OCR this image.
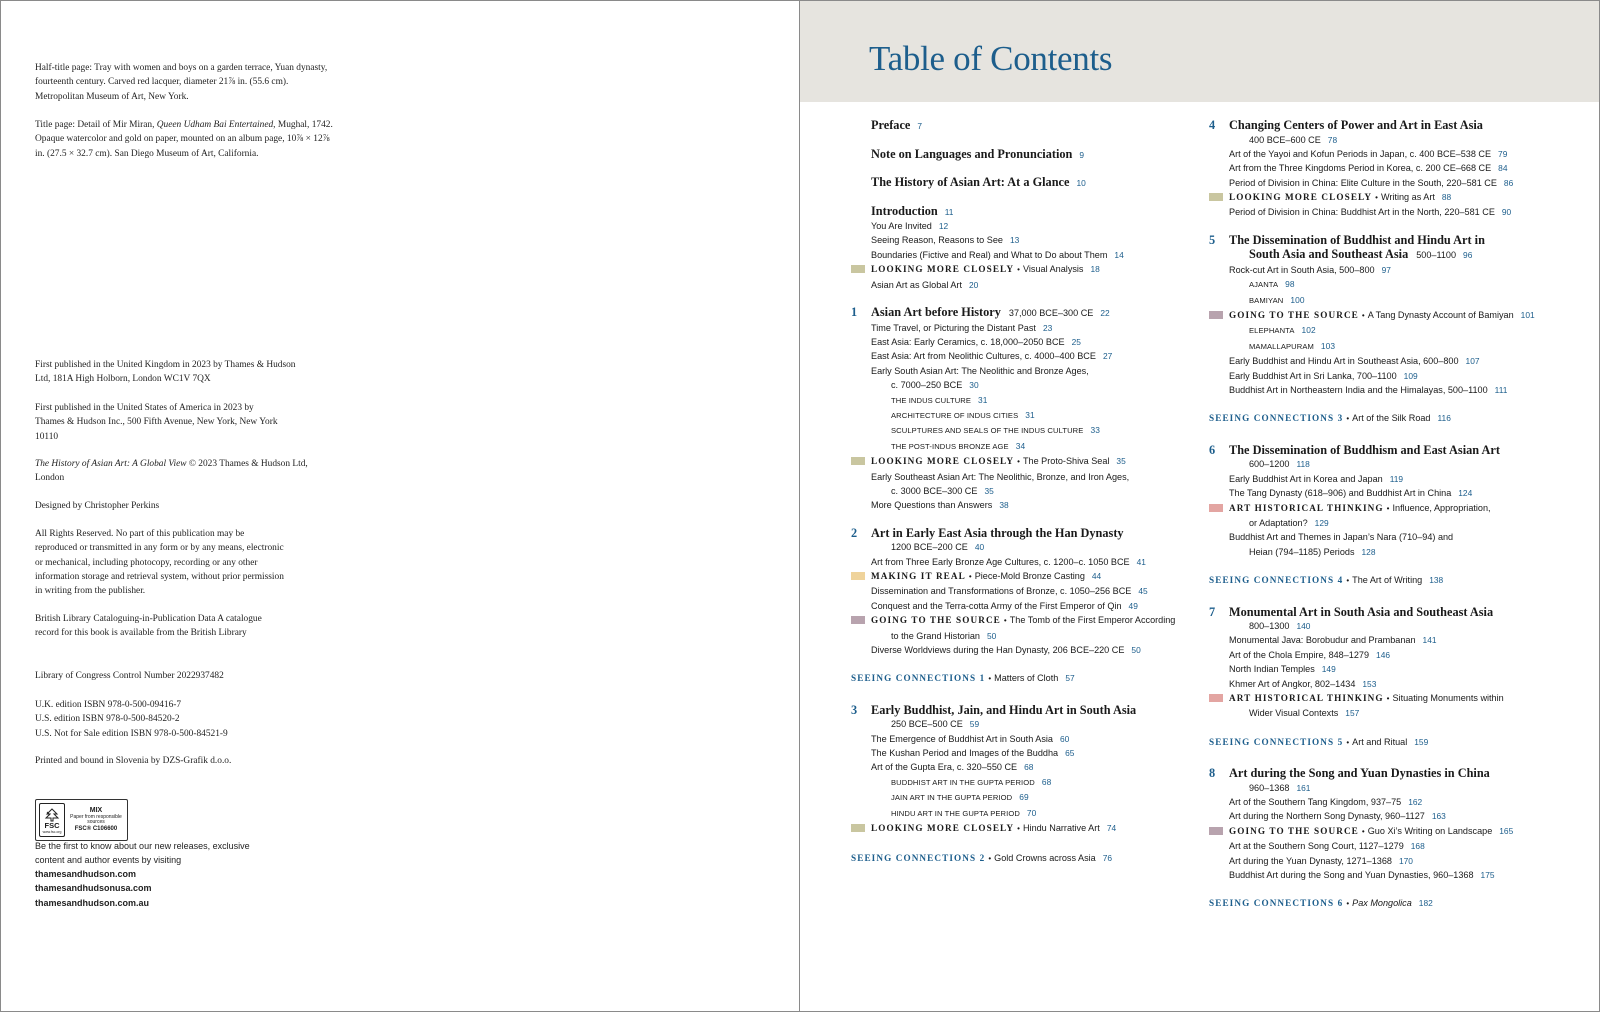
Half-title page: Tray with women and boys on a garden terrace, Yuan dynasty, fourteenth century. Carved red lacquer, diameter 21⅞ in. (55.6 cm). Metropolitan Museum of Art, New York.

Title page: Detail of Mir Miran, Queen Udham Bai Entertained, Mughal, 1742. Opaque watercolor and gold on paper, mounted on an album page, 10⅞ × 12⅞ in. (27.5 × 32.7 cm). San Diego Museum of Art, California.

First published in the United Kingdom in 2023 by Thames & Hudson Ltd, 181A High Holborn, London WC1V 7QX

First published in the United States of America in 2023 by Thames & Hudson Inc., 500 Fifth Avenue, New York, New York 10110

The History of Asian Art: A Global View © 2023 Thames & Hudson Ltd, London

Designed by Christopher Perkins

All Rights Reserved. No part of this publication may be reproduced or transmitted in any form or by any means, electronic or mechanical, including photocopy, recording or any other information storage and retrieval system, without prior permission in writing from the publisher.

British Library Cataloguing-in-Publication Data A catalogue record for this book is available from the British Library

Library of Congress Control Number 2022937482

U.K. edition ISBN 978-0-500-09416-7

U.S. edition ISBN 978-0-500-84520-2

U.S. Not for Sale edition ISBN 978-0-500-84521-9

Printed and bound in Slovenia by DZS-Grafik d.o.o.

FSC
www.fsc.org
MIX
Paper from responsible sources
FSC® C106600

Be the first to know about our new releases, exclusive content and author events by visiting

thamesandhudson.com

thamesandhudsonusa.com

thamesandhudson.com.au

Table of Contents
Preface 7
Note on Languages and Pronunciation 9
The History of Asian Art: At a Glance 10
Introduction 11
You Are Invited 12
Seeing Reason, Reasons to See 13
Boundaries (Fictive and Real) and What to Do about Them 14
LOOKING MORE CLOSELY • Visual Analysis 18
Asian Art as Global Art 20
1 Asian Art before History 37,000 BCE–300 CE 22
Time Travel, or Picturing the Distant Past 23
East Asia: Early Ceramics, c. 18,000–2050 BCE 25
East Asia: Art from Neolithic Cultures, c. 4000–400 BCE 27
Early South Asian Art: The Neolithic and Bronze Ages,
c. 7000–250 BCE 30
THE INDUS CULTURE 31
ARCHITECTURE OF INDUS CITIES 31
SCULPTURES AND SEALS OF THE INDUS CULTURE 33
THE POST-INDUS BRONZE AGE 34
LOOKING MORE CLOSELY • The Proto-Shiva Seal 35
Early Southeast Asian Art: The Neolithic, Bronze, and Iron Ages,
c. 3000 BCE–300 CE 35
More Questions than Answers 38
2 Art in Early East Asia through the Han Dynasty
1200 BCE–200 CE 40
Art from Three Early Bronze Age Cultures, c. 1200–c. 1050 BCE 41
MAKING IT REAL • Piece-Mold Bronze Casting 44
Dissemination and Transformations of Bronze, c. 1050–256 BCE 45
Conquest and the Terra-cotta Army of the First Emperor of Qin 49
GOING TO THE SOURCE • The Tomb of the First Emperor According
to the Grand Historian 50
Diverse Worldviews during the Han Dynasty, 206 BCE–220 CE 50
SEEING CONNECTIONS 1 • Matters of Cloth 57
3 Early Buddhist, Jain, and Hindu Art in South Asia
250 BCE–500 CE 59
The Emergence of Buddhist Art in South Asia 60
The Kushan Period and Images of the Buddha 65
Art of the Gupta Era, c. 320–550 CE 68
BUDDHIST ART IN THE GUPTA PERIOD 68
JAIN ART IN THE GUPTA PERIOD 69
HINDU ART IN THE GUPTA PERIOD 70
LOOKING MORE CLOSELY • Hindu Narrative Art 74
SEEING CONNECTIONS 2 • Gold Crowns across Asia 76
4 Changing Centers of Power and Art in East Asia
400 BCE–600 CE 78
Art of the Yayoi and Kofun Periods in Japan, c. 400 BCE–538 CE 79
Art from the Three Kingdoms Period in Korea, c. 200 CE–668 CE 84
Period of Division in China: Elite Culture in the South, 220–581 CE 86
LOOKING MORE CLOSELY • Writing as Art 88
Period of Division in China: Buddhist Art in the North, 220–581 CE 90
5 The Dissemination of Buddhist and Hindu Art in
South Asia and Southeast Asia 500–1100 96
Rock-cut Art in South Asia, 500–800 97
AJANTA 98
BAMIYAN 100
GOING TO THE SOURCE • A Tang Dynasty Account of Bamiyan 101
ELEPHANTA 102
MAMALLAPURAM 103
Early Buddhist and Hindu Art in Southeast Asia, 600–800 107
Early Buddhist Art in Sri Lanka, 700–1100 109
Buddhist Art in Northeastern India and the Himalayas, 500–1100 111
SEEING CONNECTIONS 3 • Art of the Silk Road 116
6 The Dissemination of Buddhism and East Asian Art
600–1200 118
Early Buddhist Art in Korea and Japan 119
The Tang Dynasty (618–906) and Buddhist Art in China 124
ART HISTORICAL THINKING • Influence, Appropriation,
or Adaptation? 129
Buddhist Art and Themes in Japan’s Nara (710–94) and
Heian (794–1185) Periods 128
SEEING CONNECTIONS 4 • The Art of Writing 138
7 Monumental Art in South Asia and Southeast Asia
800–1300 140
Monumental Java: Borobudur and Prambanan 141
Art of the Chola Empire, 848–1279 146
North Indian Temples 149
Khmer Art of Angkor, 802–1434 153
ART HISTORICAL THINKING • Situating Monuments within
Wider Visual Contexts 157
SEEING CONNECTIONS 5 • Art and Ritual 159
8 Art during the Song and Yuan Dynasties in China
960–1368 161
Art of the Southern Tang Kingdom, 937–75 162
Art during the Northern Song Dynasty, 960–1127 163
GOING TO THE SOURCE • Guo Xi’s Writing on Landscape 165
Art at the Southern Song Court, 1127–1279 168
Art during the Yuan Dynasty, 1271–1368 170
Buddhist Art during the Song and Yuan Dynasties, 960–1368 175
SEEING CONNECTIONS 6 • Pax Mongolica 182
